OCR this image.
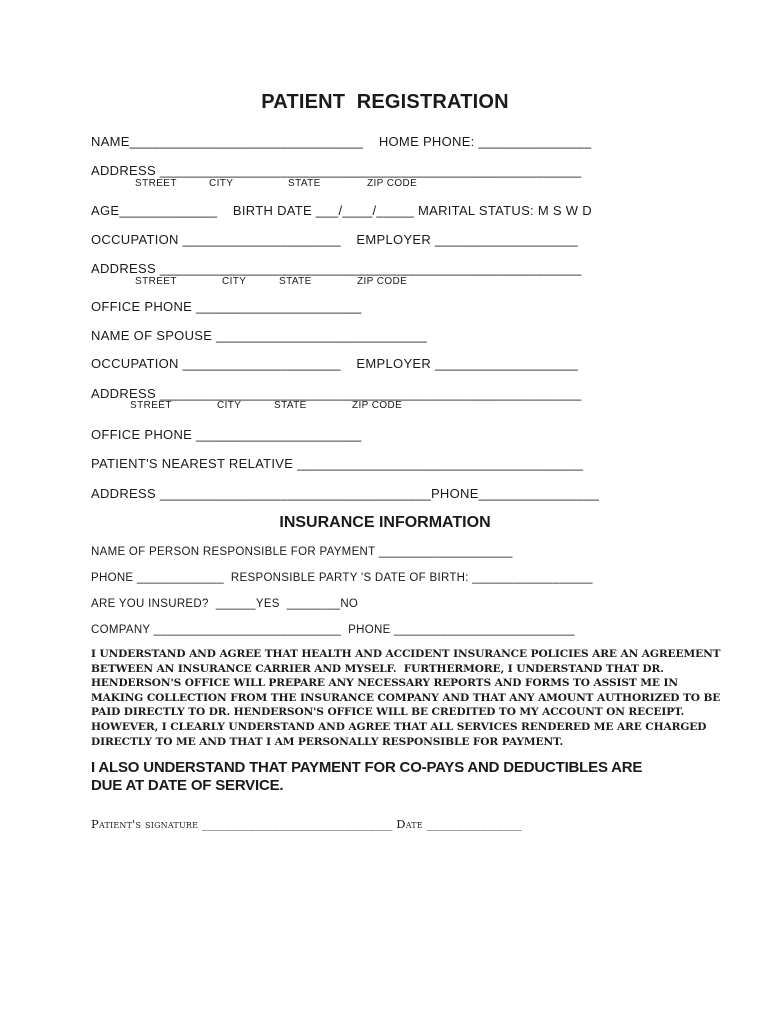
PATIENT  REGISTRATION
NAME_______________________________    HOME PHONE: _______________
ADDRESS ________________________________________________________
STREET	CITY	STATE	ZIP CODE
AGE_____________    BIRTH DATE ___/____/_____ MARITAL STATUS: M S W D
OCCUPATION _____________________    EMPLOYER ___________________
ADDRESS ________________________________________________________
STREET	CITY	STATE	ZIP CODE
OFFICE PHONE ______________________
NAME OF SPOUSE ____________________________
OCCUPATION _____________________    EMPLOYER ___________________
ADDRESS ________________________________________________________
STREET	CITY	STATE	ZIP CODE
OFFICE PHONE ______________________
PATIENT'S NEAREST RELATIVE ______________________________________
ADDRESS ____________________________________PHONE________________
INSURANCE INFORMATION
NAME OF PERSON RESPONSIBLE FOR PAYMENT ____________________
PHONE _____________  RESPONSIBLE PARTY 'S DATE OF BIRTH: __________________
ARE YOU INSURED?  ______YES  ________NO
COMPANY ____________________________  PHONE ___________________________
I UNDERSTAND AND AGREE THAT HEALTH AND ACCIDENT INSURANCE POLICIES ARE AN AGREEMENT
BETWEEN AN INSURANCE CARRIER AND MYSELF.  FURTHERMORE, I UNDERSTAND THAT DR.
HENDERSON'S OFFICE WILL PREPARE ANY NECESSARY REPORTS AND FORMS TO ASSIST ME IN
MAKING COLLECTION FROM THE INSURANCE COMPANY AND THAT ANY AMOUNT AUTHORIZED TO BE
PAID DIRECTLY TO DR. HENDERSON'S OFFICE WILL BE CREDITED TO MY ACCOUNT ON RECEIPT.
HOWEVER, I CLEARLY UNDERSTAND AND AGREE THAT ALL SERVICES RENDERED ME ARE CHARGED
DIRECTLY TO ME AND THAT I AM PERSONALLY RESPONSIBLE FOR PAYMENT.
I ALSO UNDERSTAND THAT PAYMENT FOR CO-PAYS AND DEDUCTIBLES ARE
DUE AT DATE OF SERVICE.
Patient's signature ________________________________ Date ________________
